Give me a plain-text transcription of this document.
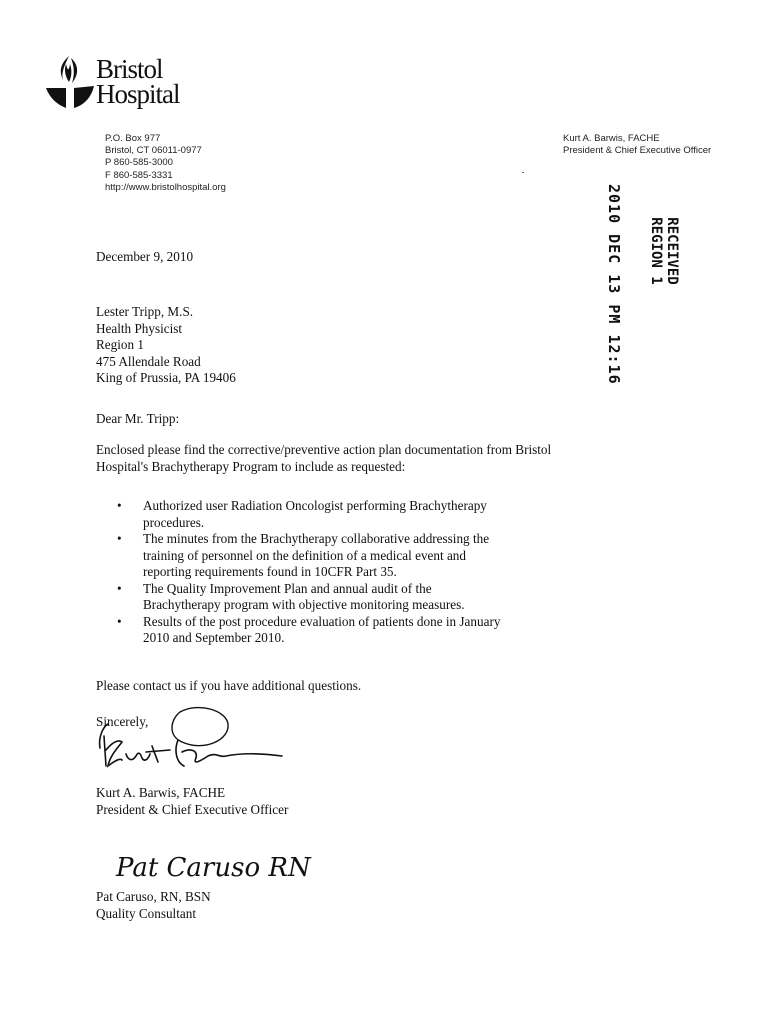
Bristol
Hospital
P.O. Box 977
Bristol, CT 06011-0977
P 860-585-3000
F 860-585-3331
http://www.bristolhospital.org
Kurt A. Barwis, FACHE
President & Chief Executive Officer
2010 DEC 13 PM 12:16	RECEIVED
REGION 1
December 9, 2010
Lester Tripp, M.S.
Health Physicist
Region 1
475 Allendale Road
King of Prussia, PA 19406
Dear Mr. Tripp:
Enclosed please find the corrective/preventive action plan documentation from Bristol
Hospital's Brachytherapy Program to include as requested:
• Authorized user Radiation Oncologist performing Brachytherapy
procedures.
• The minutes from the Brachytherapy collaborative addressing the
training of personnel on the definition of a medical event and
reporting requirements found in 10CFR Part 35.
• The Quality Improvement Plan and annual audit of the
Brachytherapy program with objective monitoring measures.
• Results of the post procedure evaluation of patients done in January
2010 and September 2010.
Please contact us if you have additional questions.
Sincerely,
Kurt A. Barwis, FACHE
President & Chief Executive Officer
Pat Caruso RN
Pat Caruso, RN, BSN
Quality Consultant
